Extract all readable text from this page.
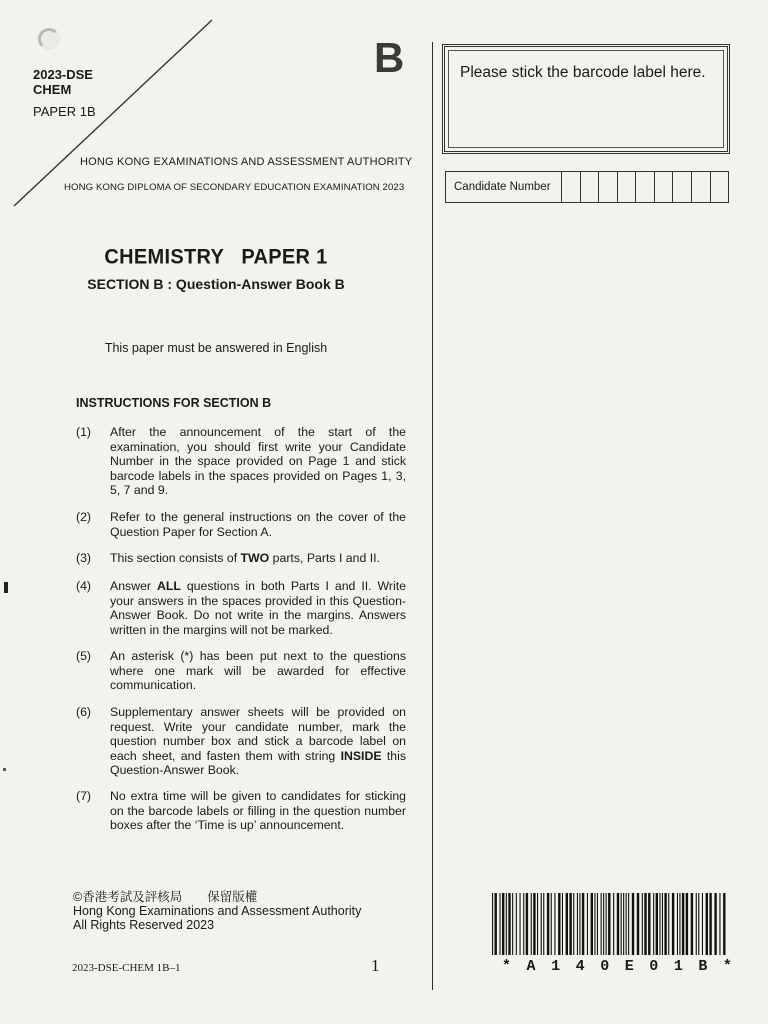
2023-DSE
CHEM
PAPER 1B
B
HONG KONG EXAMINATIONS AND ASSESSMENT AUTHORITY
HONG KONG DIPLOMA OF SECONDARY EDUCATION EXAMINATION 2023
Please stick the barcode label here.
Candidate Number
CHEMISTRY   PAPER 1
SECTION B : Question-Answer Book B
This paper must be answered in English
INSTRUCTIONS FOR SECTION B
(1)	After the announcement of the start of the examination, you should first write your Candidate Number in the space provided on Page 1 and stick barcode labels in the spaces provided on Pages 1, 3, 5, 7 and 9.
(2)	Refer to the general instructions on the cover of the Question Paper for Section A.
(3)	This section consists of TWO parts, Parts I and II.
(4)	Answer ALL questions in both Parts I and II. Write your answers in the spaces provided in this Question-Answer Book. Do not write in the margins. Answers written in the margins will not be marked.
(5)	An asterisk (*) has been put next to the questions where one mark will be awarded for effective communication.
(6)	Supplementary answer sheets will be provided on request. Write your candidate number, mark the question number box and stick a barcode label on each sheet, and fasten them with string INSIDE this Question-Answer Book.
(7)	No extra time will be given to candidates for sticking on the barcode labels or filling in the question number boxes after the ‘Time is up’ announcement.
©香港考試及評核局　　保留版權
Hong Kong Examinations and Assessment Authority
All Rights Reserved 2023
2023-DSE-CHEM 1B–1	1	* A 1 4 0 E 0 1 B *
